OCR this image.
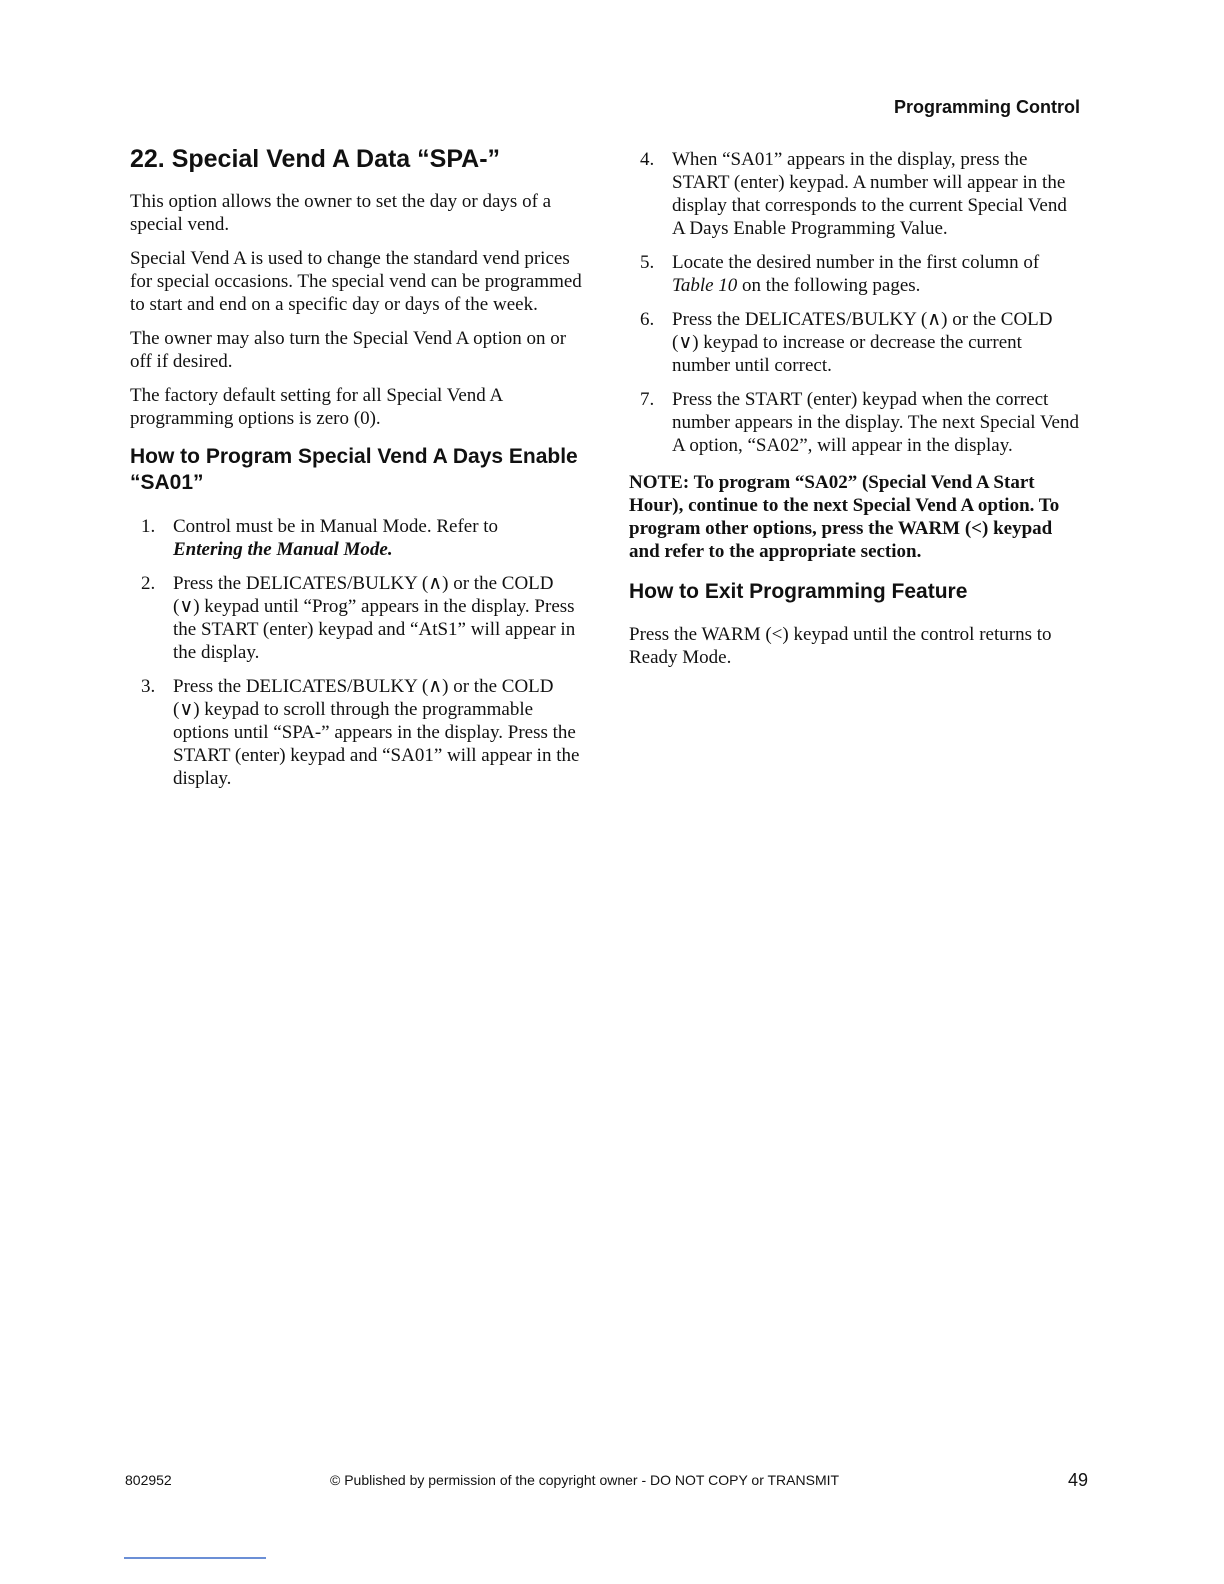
Programming Control
22. Special Vend A Data “SPA-”

This option allows the owner to set the day or days of a special vend.

Special Vend A is used to change the standard vend prices for special occasions. The special vend can be programmed to start and end on a specific day or days of the week.

The owner may also turn the Special Vend A option on or off if desired.

The factory default setting for all Special Vend A programming options is zero (0).

How to Program Special Vend A Days Enable “SA01”
1. Control must be in Manual Mode. Refer to
Entering the Manual Mode.
2. Press the DELICATES/BULKY (∧) or the COLD (∨) keypad until “Prog” appears in the display. Press the START (enter) keypad and “AtS1” will appear in the display.
3. Press the DELICATES/BULKY (∧) or the COLD (∨) keypad to scroll through the programmable options until “SPA-” appears in the display. Press the START (enter) keypad and “SA01” will appear in the display.
4. When “SA01” appears in the display, press the START (enter) keypad. A number will appear in the display that corresponds to the current Special Vend A Days Enable Programming Value.
5. Locate the desired number in the first column of Table 10 on the following pages.
6. Press the DELICATES/BULKY (∧) or the COLD (∨) keypad to increase or decrease the current number until correct.
7. Press the START (enter) keypad when the correct number appears in the display. The next Special Vend A option, “SA02”, will appear in the display.
NOTE: To program “SA02” (Special Vend A Start Hour), continue to the next Special Vend A option. To program other options, press the WARM (<) keypad and refer to the appropriate section.
How to Exit Programming Feature

Press the WARM (<) keypad until the control returns to Ready Mode.

802952	© Published by permission of the copyright owner - DO NOT COPY or TRANSMIT	49
